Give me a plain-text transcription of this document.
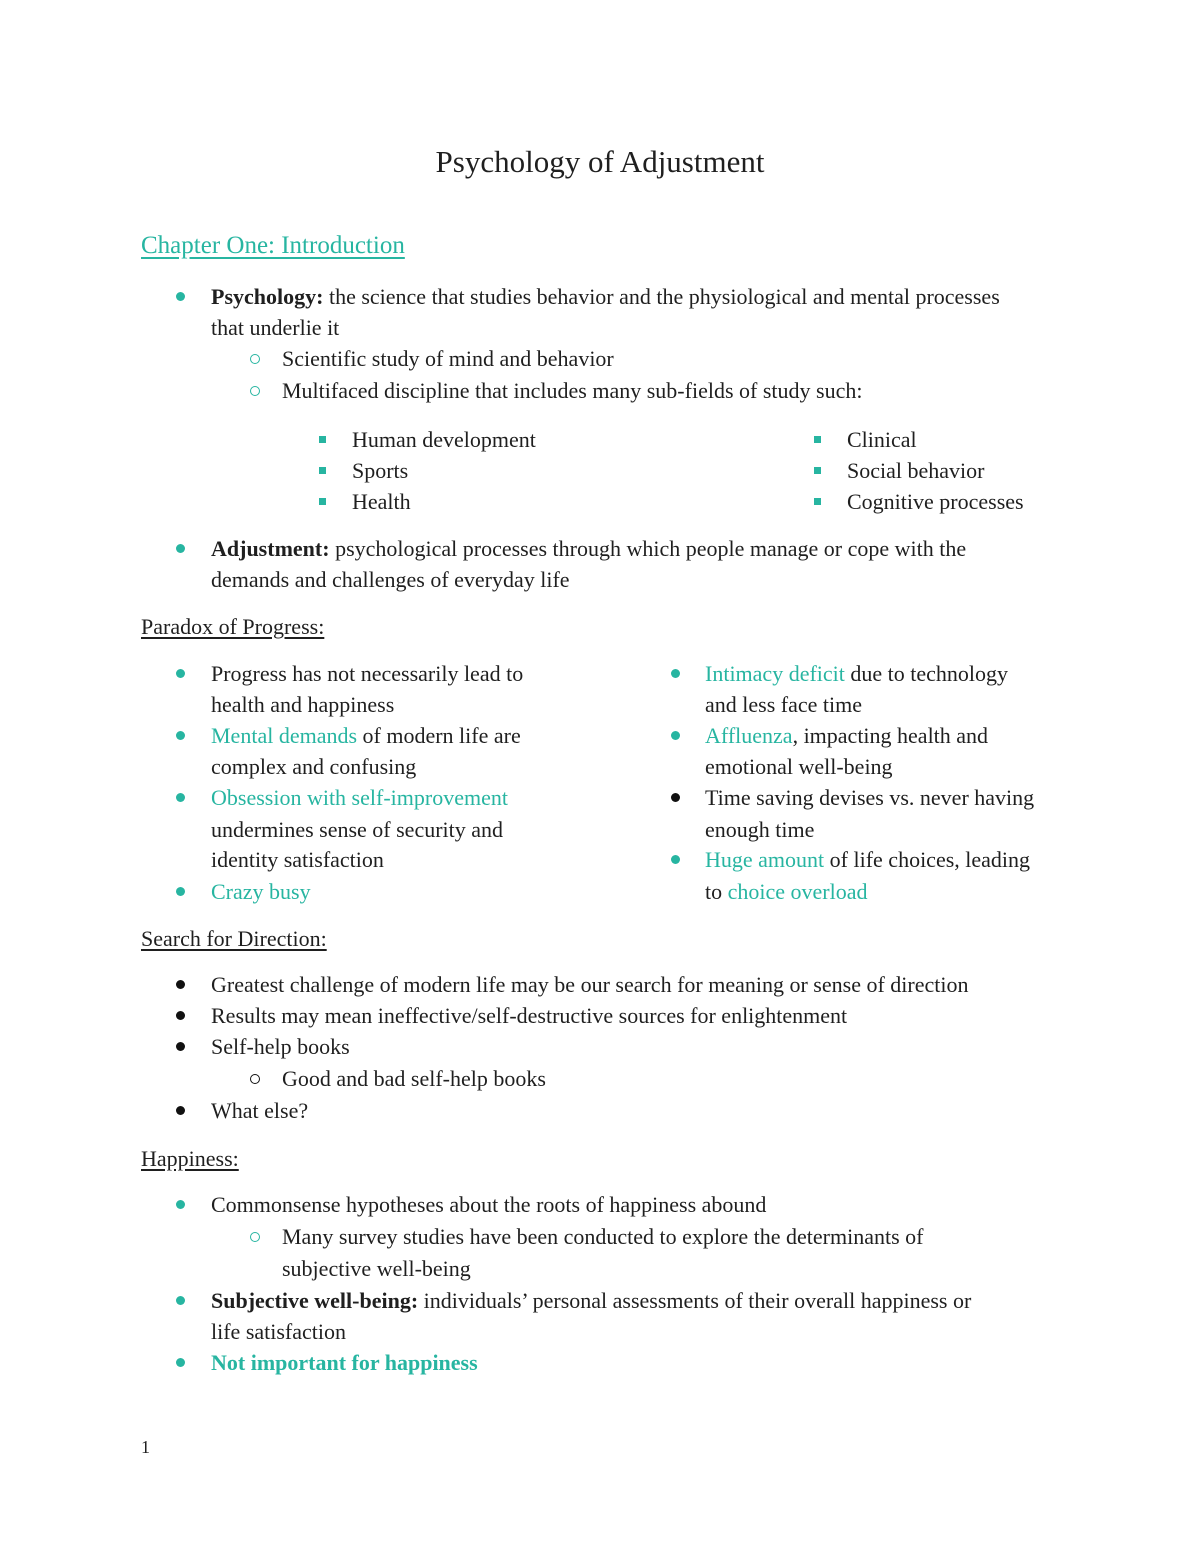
Psychology of Adjustment
Chapter One: Introduction
Psychology: the science that studies behavior and the physiological and mental processes
that underlie it
Scientific study of mind and behavior
Multifaced discipline that includes many sub-fields of study such:
Human development
Sports
Health
Clinical
Social behavior
Cognitive processes
Adjustment: psychological processes through which people manage or cope with the
demands and challenges of everyday life
Paradox of Progress:
Progress has not necessarily lead to
health and happiness
Mental demands of modern life are
complex and confusing
Obsession with self-improvement
undermines sense of security and
identity satisfaction
Crazy busy
Intimacy deficit due to technology
and less face time
Affluenza, impacting health and
emotional well-being
Time saving devises vs. never having
enough time
Huge amount of life choices, leading
to choice overload
Search for Direction:
Greatest challenge of modern life may be our search for meaning or sense of direction
Results may mean ineffective/self-destructive sources for enlightenment
Self-help books
Good and bad self-help books
What else?
Happiness:
Commonsense hypotheses about the roots of happiness abound
Many survey studies have been conducted to explore the determinants of
subjective well-being
Subjective well-being: individuals’ personal assessments of their overall happiness or
life satisfaction
Not important for happiness
1
